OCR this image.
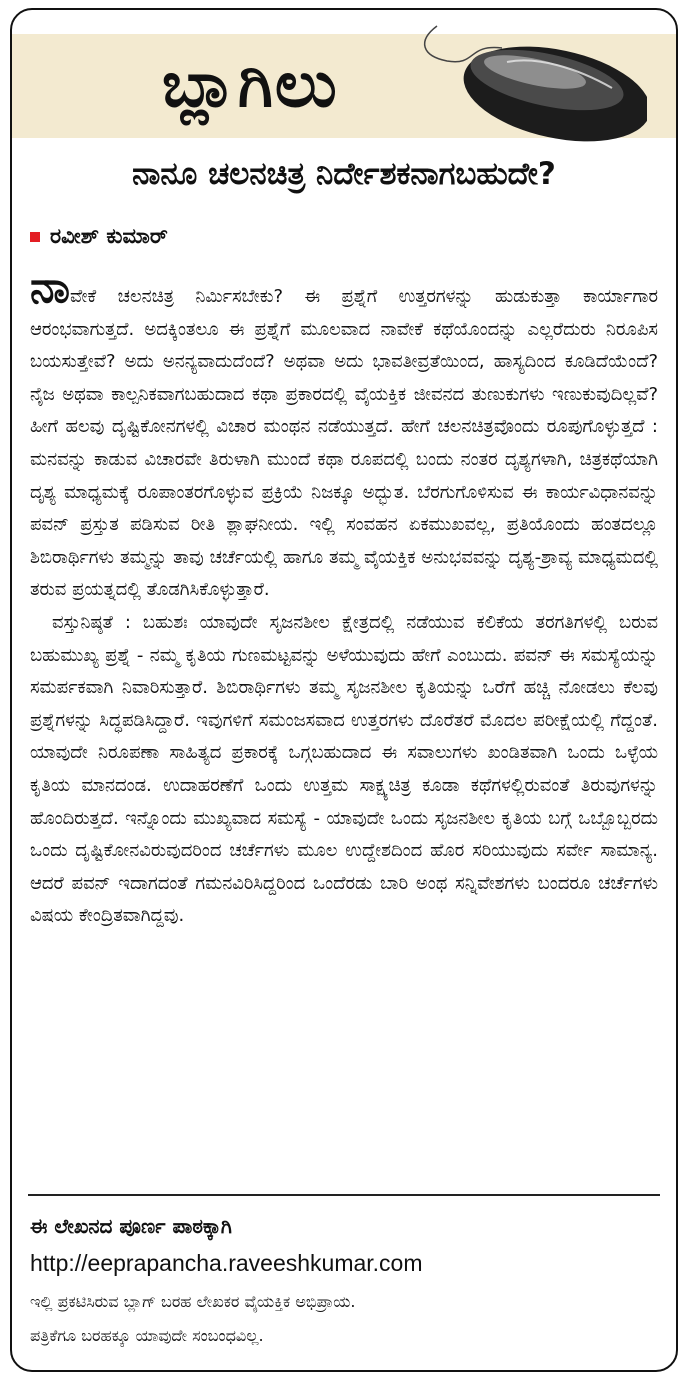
ಬ್ಲಾಗಿಲು
ನಾನೂ ಚಲನಚಿತ್ರ ನಿರ್ದೇಶಕನಾಗಬಹುದೇ?
ರವೀಶ್ ಕುಮಾರ್

ನಾವೇಕೆ ಚಲನಚಿತ್ರ ನಿರ್ಮಿಸಬೇಕು? ಈ ಪ್ರಶ್ನೆಗೆ ಉತ್ತರಗಳನ್ನು ಹುಡುಕುತ್ತಾ ಕಾರ್ಯಾಗಾರ ಆರಂಭವಾಗುತ್ತದೆ. ಅದಕ್ಕಿಂತಲೂ ಈ ಪ್ರಶ್ನೆಗೆ ಮೂಲವಾದ ನಾವೇಕೆ ಕಥೆಯೊಂದನ್ನು ಎಲ್ಲರೆದುರು ನಿರೂಪಿಸ ಬಯಸುತ್ತೇವೆ? ಅದು ಅನನ್ಯವಾದುದೆಂದೆ? ಅಥವಾ ಅದು ಭಾವತೀವ್ರತೆಯಿಂದ, ಹಾಸ್ಯದಿಂದ ಕೂಡಿದೆಯೆಂದೆ? ನೈಜ ಅಥವಾ ಕಾಲ್ಪನಿಕವಾಗಬಹುದಾದ ಕಥಾ ಪ್ರಕಾರದಲ್ಲಿ ವೈಯಕ್ತಿಕ ಜೀವನದ ತುಣುಕುಗಳು ಇಣುಕುವುದಿಲ್ಲವೆ? ಹೀಗೆ ಹಲವು ದೃಷ್ಟಿಕೋನಗಳಲ್ಲಿ ವಿಚಾರ ಮಂಥನ ನಡೆಯುತ್ತದೆ. ಹೇಗೆ ಚಲನಚಿತ್ರವೊಂದು ರೂಪುಗೊಳ್ಳುತ್ತದೆ : ಮನವನ್ನು ಕಾಡುವ ವಿಚಾರವೇ ತಿರುಳಾಗಿ ಮುಂದೆ ಕಥಾ ರೂಪದಲ್ಲಿ ಬಂದು ನಂತರ ದೃಶ್ಯಗಳಾಗಿ, ಚಿತ್ರಕಥೆಯಾಗಿ ದೃಶ್ಯ ಮಾಧ್ಯಮಕ್ಕೆ ರೂಪಾಂತರಗೊಳ್ಳುವ ಪ್ರಕ್ರಿಯೆ ನಿಜಕ್ಕೂ ಅದ್ಭುತ. ಬೆರಗುಗೊಳಿಸುವ ಈ ಕಾರ್ಯವಿಧಾನವನ್ನು ಪವನ್ ಪ್ರಸ್ತುತ ಪಡಿಸುವ ರೀತಿ ಶ್ಲಾಘನೀಯ. ಇಲ್ಲಿ ಸಂವಹನ ಏಕಮುಖವಲ್ಲ, ಪ್ರತಿಯೊಂದು ಹಂತದಲ್ಲೂ ಶಿಬಿರಾರ್ಥಿಗಳು ತಮ್ಮನ್ನು ತಾವು ಚರ್ಚೆಯಲ್ಲಿ ಹಾಗೂ ತಮ್ಮ ವೈಯಕ್ತಿಕ ಅನುಭವವನ್ನು ದೃಶ್ಯ-ಶ್ರಾವ್ಯ ಮಾಧ್ಯಮದಲ್ಲಿ ತರುವ ಪ್ರಯತ್ನದಲ್ಲಿ ತೊಡಗಿಸಿಕೊಳ್ಳುತ್ತಾರೆ.

ವಸ್ತುನಿಷ್ಠತೆ : ಬಹುಶಃ ಯಾವುದೇ ಸೃಜನಶೀಲ ಕ್ಷೇತ್ರದಲ್ಲಿ ನಡೆಯುವ ಕಲಿಕೆಯ ತರಗತಿಗಳಲ್ಲಿ ಬರುವ ಬಹುಮುಖ್ಯ ಪ್ರಶ್ನೆ - ನಮ್ಮ ಕೃತಿಯ ಗುಣಮಟ್ಟವನ್ನು ಅಳೆಯುವುದು ಹೇಗೆ ಎಂಬುದು. ಪವನ್ ಈ ಸಮಸ್ಯೆಯನ್ನು ಸಮರ್ಪಕವಾಗಿ ನಿವಾರಿಸುತ್ತಾರೆ. ಶಿಬಿರಾರ್ಥಿಗಳು ತಮ್ಮ ಸೃಜನಶೀಲ ಕೃತಿಯನ್ನು ಒರೆಗೆ ಹಚ್ಚಿ ನೋಡಲು ಕೆಲವು ಪ್ರಶ್ನೆಗಳನ್ನು ಸಿದ್ಧಪಡಿಸಿದ್ದಾರೆ. ಇವುಗಳಿಗೆ ಸಮಂಜಸವಾದ ಉತ್ತರಗಳು ದೊರೆತರೆ ಮೊದಲ ಪರೀಕ್ಷೆಯಲ್ಲಿ ಗೆದ್ದಂತೆ. ಯಾವುದೇ ನಿರೂಪಣಾ ಸಾಹಿತ್ಯದ ಪ್ರಕಾರಕ್ಕೆ ಒಗ್ಗಬಹುದಾದ ಈ ಸವಾಲುಗಳು ಖಂಡಿತವಾಗಿ ಒಂದು ಒಳ್ಳೆಯ ಕೃತಿಯ ಮಾನದಂಡ. ಉದಾಹರಣೆಗೆ ಒಂದು ಉತ್ತಮ ಸಾಕ್ಷ್ಯಚಿತ್ರ ಕೂಡಾ ಕಥೆಗಳಲ್ಲಿರುವಂತೆ ತಿರುವುಗಳನ್ನು ಹೊಂದಿರುತ್ತದೆ. ಇನ್ನೊಂದು ಮುಖ್ಯವಾದ ಸಮಸ್ಯೆ - ಯಾವುದೇ ಒಂದು ಸೃಜನಶೀಲ ಕೃತಿಯ ಬಗ್ಗೆ ಒಬ್ಬೊಬ್ಬರದು ಒಂದು ದೃಷ್ಟಿಕೋನವಿರುವುದರಿಂದ ಚರ್ಚೆಗಳು ಮೂಲ ಉದ್ದೇಶದಿಂದ ಹೊರ ಸರಿಯುವುದು ಸರ್ವೇ ಸಾಮಾನ್ಯ. ಆದರೆ ಪವನ್ ಇದಾಗದಂತೆ ಗಮನವಿರಿಸಿದ್ದರಿಂದ ಒಂದೆರಡು ಬಾರಿ ಅಂಥ ಸನ್ನಿವೇಶಗಳು ಬಂದರೂ ಚರ್ಚೆಗಳು ವಿಷಯ ಕೇಂದ್ರಿತವಾಗಿದ್ದವು.

ಈ ಲೇಖನದ ಪೂರ್ಣ ಪಾಠಕ್ಕಾಗಿ
http://eeprapancha.raveeshkumar.com
ಇಲ್ಲಿ ಪ್ರಕಟಿಸಿರುವ ಬ್ಲಾಗ್ ಬರಹ ಲೇಖಕರ ವೈಯಕ್ತಿಕ ಅಭಿಪ್ರಾಯ.
ಪತ್ರಿಕೆಗೂ ಬರಹಕ್ಕೂ ಯಾವುದೇ ಸಂಬಂಧವಿಲ್ಲ.
